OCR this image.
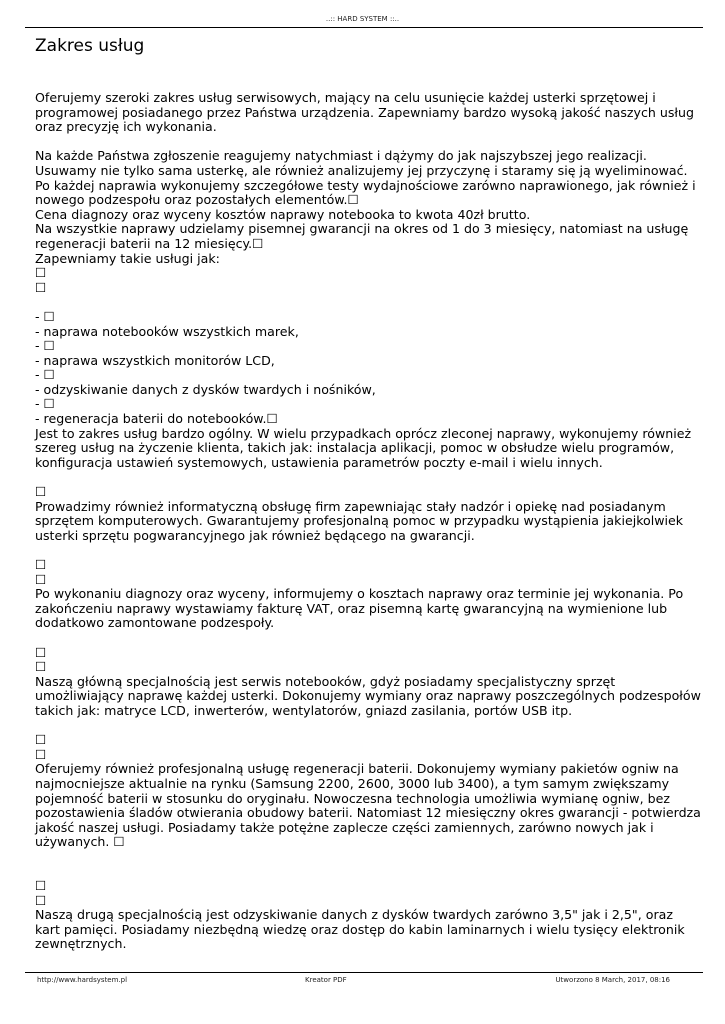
..:: HARD SYSTEM ::..
Zakres usług
Oferujemy szeroki zakres usług serwisowych, mający na celu usunięcie każdej usterki sprzętowej i
programowej posiadanego przez Państwa urządzenia. Zapewniamy bardzo wysoką jakość naszych usług
oraz precyzję ich wykonania.
Na każde Państwa zgłoszenie reagujemy natychmiast i dążymy do jak najszybszej jego realizacji.
Usuwamy nie tylko sama usterkę, ale również analizujemy jej przyczynę i staramy się ją wyeliminować.
Po każdej naprawia wykonujemy szczegółowe testy wydajnościowe zarówno naprawionego, jak również i
nowego podzespołu oraz pozostałych elementów.☐
Cena diagnozy oraz wyceny kosztów naprawy notebooka to kwota 40zł brutto.
Na wszystkie naprawy udzielamy pisemnej gwarancji na okres od 1 do 3 miesięcy, natomiast na usługę
regeneracji baterii na 12 miesięcy.☐
Zapewniamy takie usługi jak:
☐
☐
- ☐
- naprawa notebooków wszystkich marek,
- ☐
- naprawa wszystkich monitorów LCD,
- ☐
- odzyskiwanie danych z dysków twardych i nośników,
- ☐
- regeneracja baterii do notebooków.☐
Jest to zakres usług bardzo ogólny. W wielu przypadkach oprócz zleconej naprawy, wykonujemy również
szereg usług na życzenie klienta, takich jak: instalacja aplikacji, pomoc w obsłudze wielu programów,
konfiguracja ustawień systemowych, ustawienia parametrów poczty e-mail i wielu innych.
☐
Prowadzimy również informatyczną obsługę firm zapewniając stały nadzór i opiekę nad posiadanym
sprzętem komputerowych. Gwarantujemy profesjonalną pomoc w przypadku wystąpienia jakiejkolwiek
usterki sprzętu pogwarancyjnego jak również będącego na gwarancji.
☐
☐
Po wykonaniu diagnozy oraz wyceny, informujemy o kosztach naprawy oraz terminie jej wykonania. Po
zakończeniu naprawy wystawiamy fakturę VAT, oraz pisemną kartę gwarancyjną na wymienione lub
dodatkowo zamontowane podzespoły.
☐
☐
Naszą główną specjalnością jest serwis notebooków, gdyż posiadamy specjalistyczny sprzęt
umożliwiający naprawę każdej usterki. Dokonujemy wymiany oraz naprawy poszczególnych podzespołów
takich jak: matryce LCD, inwerterów, wentylatorów, gniazd zasilania, portów USB itp.
☐
☐
Oferujemy również profesjonalną usługę regeneracji baterii. Dokonujemy wymiany pakietów ogniw na
najmocniejsze aktualnie na rynku (Samsung 2200, 2600, 3000 lub 3400), a tym samym zwiększamy
pojemność baterii w stosunku do oryginału. Nowoczesna technologia umożliwia wymianę ogniw, bez
pozostawienia śladów otwierania obudowy baterii. Natomiast 12 miesięczny okres gwarancji - potwierdza
jakość naszej usługi. Posiadamy także potężne zaplecze części zamiennych, zarówno nowych jak i
używanych. ☐
☐
☐
Naszą drugą specjalnością jest odzyskiwanie danych z dysków twardych zarówno 3,5" jak i 2,5", oraz
kart pamięci. Posiadamy niezbędną wiedzę oraz dostęp do kabin laminarnych i wielu tysięcy elektronik
zewnętrznych.
http://www.hardsystem.pl	Kreator PDF	Utworzono 8 March, 2017, 08:16
